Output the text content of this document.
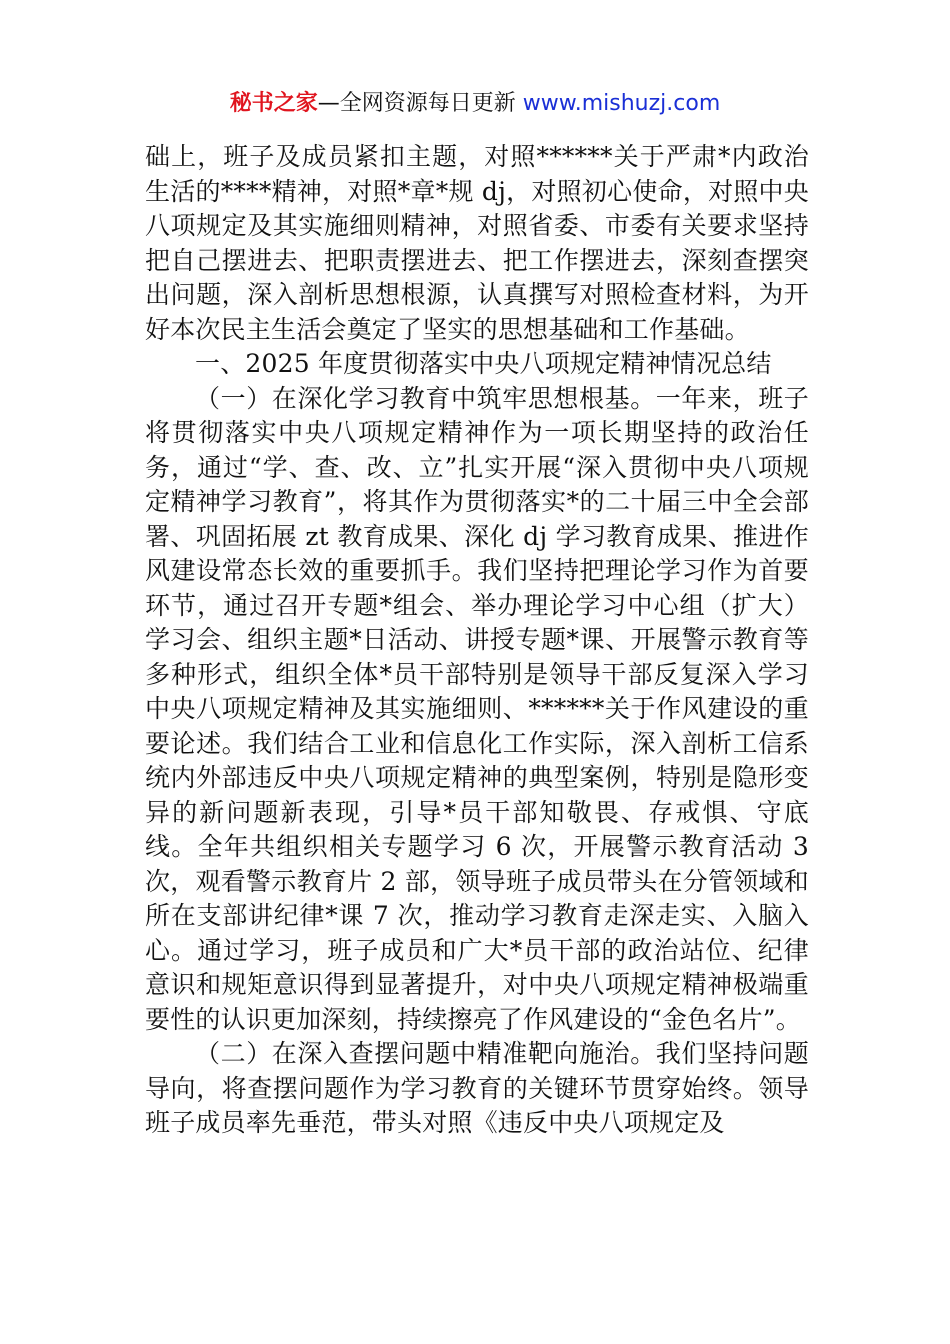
秘书之家—全网资源每日更新 www.mishuzj.com

础上，班子及成员紧扣主题，对照******关于严肃*内政治生活的****精神，对照*章*规 dj，对照初心使命，对照中央八项规定及其实施细则精神，对照省委、市委有关要求坚持把自己摆进去、把职责摆进去、把工作摆进去，深刻查摆突出问题，深入剖析思想根源，认真撰写对照检查材料，为开好本次民主生活会奠定了坚实的思想基础和工作基础。

一、2025 年度贯彻落实中央八项规定精神情况总结

（一）在深化学习教育中筑牢思想根基。一年来，班子将贯彻落实中央八项规定精神作为一项长期坚持的政治任务，通过“学、查、改、立”扎实开展“深入贯彻中央八项规定精神学习教育”，将其作为贯彻落实*的二十届三中全会部署、巩固拓展 zt 教育成果、深化 dj 学习教育成果、推进作风建设常态长效的重要抓手。我们坚持把理论学习作为首要环节，通过召开专题*组会、举办理论学习中心组（扩大）学习会、组织主题*日活动、讲授专题*课、开展警示教育等多种形式，组织全体*员干部特别是领导干部反复深入学习中央八项规定精神及其实施细则、******关于作风建设的重要论述。我们结合工业和信息化工作实际，深入剖析工信系统内外部违反中央八项规定精神的典型案例，特别是隐形变异的新问题新表现，引导*员干部知敬畏、存戒惧、守底线。全年共组织相关专题学习 6 次，开展警示教育活动 3 次，观看警示教育片 2 部，领导班子成员带头在分管领域和所在支部讲纪律*课 7 次，推动学习教育走深走实、入脑入心。通过学习，班子成员和广大*员干部的政治站位、纪律意识和规矩意识得到显著提升，对中央八项规定精神极端重要性的认识更加深刻，持续擦亮了作风建设的“金色名片”。

（二）在深入查摆问题中精准靶向施治。我们坚持问题导向，将查摆问题作为学习教育的关键环节贯穿始终。领导班子成员率先垂范，带头对照《违反中央八项规定及
